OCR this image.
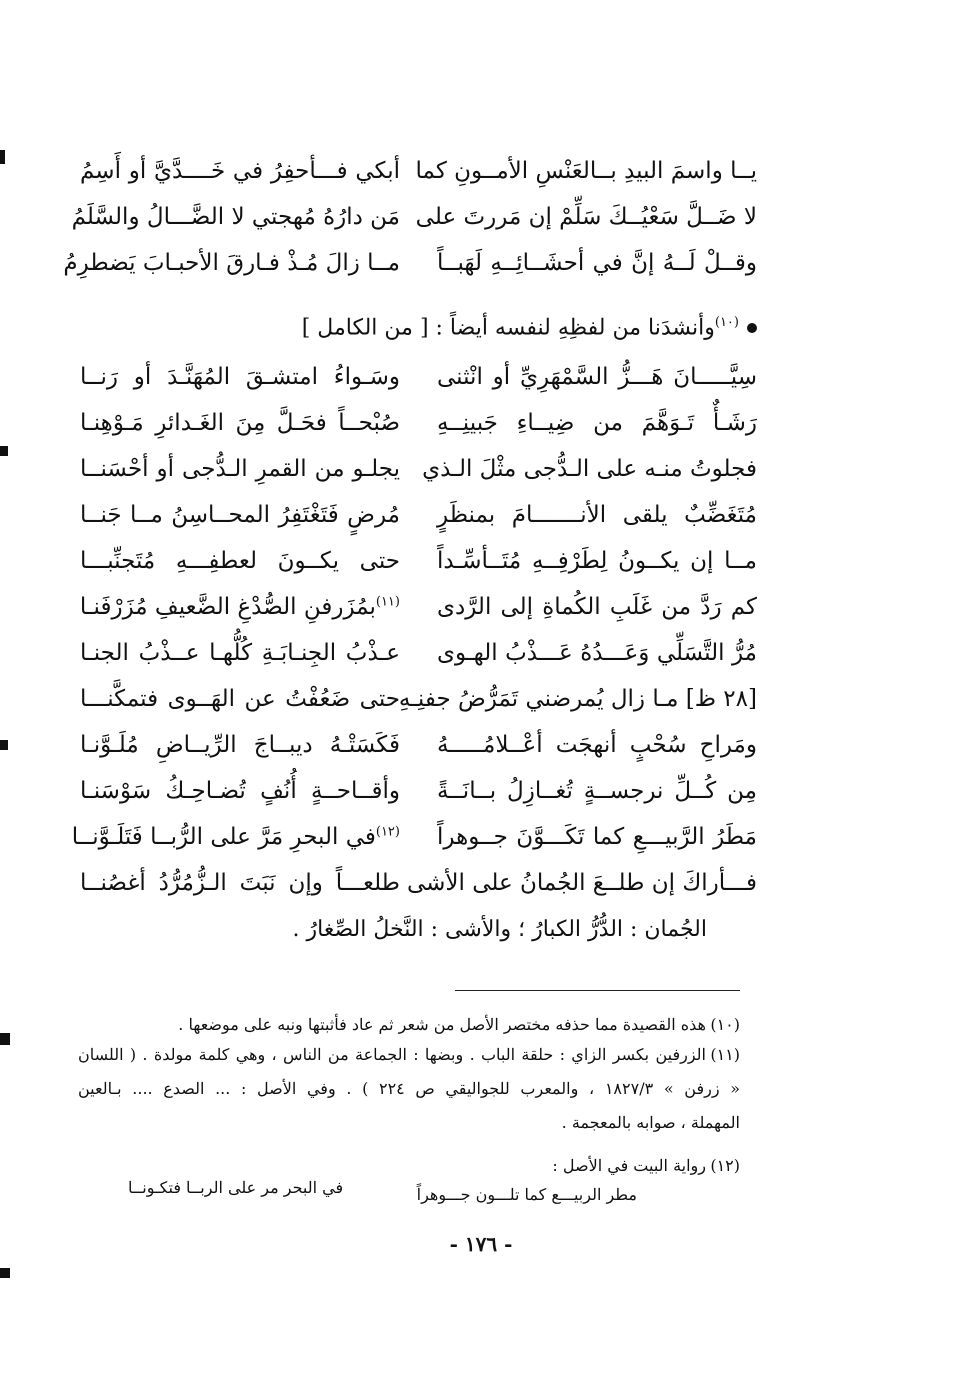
يــا واسمَ البيدِ بــالعَنْسِ الأمــونِ كما
أبكي فـــأحفِرُ في خَــــدَّيَّ أو أَسِمُ
لا ضَــلَّ سَعْيُــكَ سَلِّمْ إن مَررتَ على
مَن دارُهُ مُهجتي لا الضَّـــالُ والسَّلَمُ
وقــلْ لَــهُ إنَّ في أحشَــائِــهِ لَهَبــاً
مــا زالَ مُـذْ فـارقَ الأحبـابَ يَضطرِمُ
$^{(١٠)}$وأنشدَنا من لفظِهِ لنفسه أيضاً : [ من الكامل ]
سِيَّـــــانَ هَـــزُّ السَّمْهَرِيِّ أو انْثنى
وسَـواءُ امتشـقَ المُهَنَّـدَ أو رَنــا
رَشَـأٌ تَـوَهَّمَ من ضِيــاءِ جَبينِــهِ
صُبْحــاً فحَـلَّ مِنَ الغَـدائرِ مَـوْهِنـا
فجلوتُ منـه على الـدُّجى مثْلَ الـذي
يجلـو من القمرِ الـدُّجى أو أحْسَنــا
مُتَغَضِّبٌ يلقى الأنـــــــامَ بمنظَرٍ
مُرضٍ فَتَغْتَفِرُ المحــاسِنُ مــا جَنــا
مــا إن يكــونُ لِطَرْفِــهِ مُتَــأسِّـداً
حتى يكــونَ لعطفِـــهِ مُتَجنِّبـــا
كم رَدَّ من غَلَبِ الكُماةِ إلى الرَّدى
$^{(١١)}$بمُزَرفنِ الصُّدْغِ الضَّعيفِ مُزَرْفَنـا
مُرُّ التَّسَلِّي وَعَـــدُهُ عَـــذْبُ الهـوى
عـذْبُ الجِنـابَـةِ كُلُّهـا عــذْبُ الجنـا
[٢٨ ظ] مـا زال يُمرضني تَمَرُّضُ جفنِـهِ
حتى ضَعُفْتُ عن الهَــوى فتمكَّنـــا
ومَراحِ سُحْبٍ أنهجَت أعْــلامُـــــهُ
فَكَسَتْـهُ ديبــاجَ الرِّيــاضِ مُلَـوَّنـا
مِن كُــلِّ نرجســةٍ تُغــازِلُ بــانَــةً
وأقــاحــةٍ أُنُفٍ تُضـاحِـكُ سَوْسَنـا
مَطَرُ الرَّبيـــعِ كما تَكَـــوَّنَ جــوهراً
$^{(١٢)}$في البحرِ مَرَّ على الرُّبــا فَتَلَـوَّنــا
فـــأراكَ إن طلــعَ الجُمانُ على الأشى
طلعـــاً وإن نَبَتَ الـزُّمُرُّدُ أغصُنــا
الجُمان : الدُّرُّ الكبارُ ؛ والأشى : النَّخلُ الصِّغارُ .
(١٠)هذه القصيدة مما حذفه مختصر الأصل من شعر ثم عاد فأثبتها ونبه على موضعها .
(١١)
الزرفين بكسر الزاي : حلقة الباب . وبضها : الجماعة من الناس ، وهي كلمة مولدة . ( اللسان
« زرفن » ١٨٢٧/٣ ، والمعرب للجواليقي ص ٢٢٤ ) . وفي الأصل : ... الصدع .... بـالعين
المهملة ، صوابه بالمعجمة .
(١٢)رواية البيت في الأصل :
مطر الربيـــع كما تلـــون جـــوهراً
في البحر مر على الربــا فتكـونــا
- ١٧٦ -
